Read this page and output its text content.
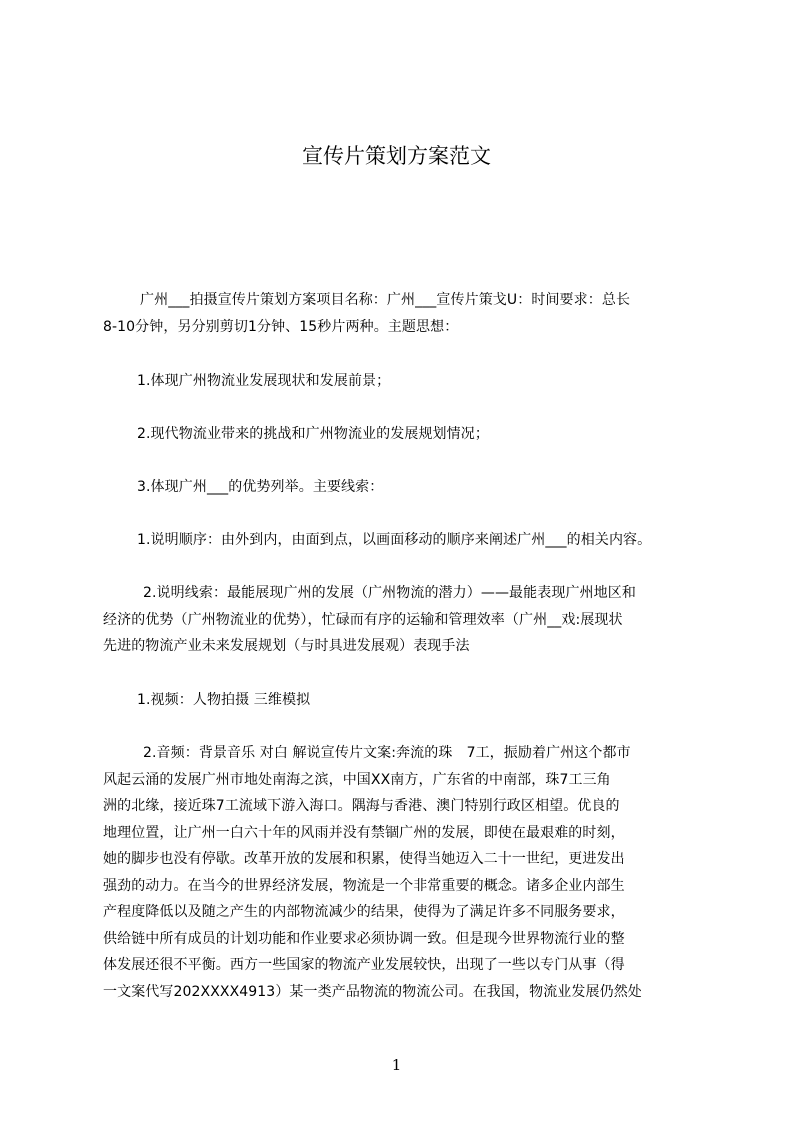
宣传片策划方案范文
广州___拍摄宣传片策划方案项目名称：广州___宣传片策戈U：时间要求：总长
8-10分钟，另分别剪切1分钟、15秒片两种。主题思想：
1.体现广州物流业发展现状和发展前景；
2.现代物流业带来的挑战和广州物流业的发展规划情况；
3.体现广州___的优势列举。主要线索：
1.说明顺序：由外到内，由面到点，以画面移动的顺序来阐述广州___的相关内容。
2.说明线索：最能展现广州的发展（广州物流的潜力）——最能表现广州地区和
经济的优势（广州物流业的优势），忙碌而有序的运输和管理效率（广州__戏:展现状
先进的物流产业未来发展规划（与时具进发展观）表现手法
1.视频：人物拍摄 三维模拟
2.音频：背景音乐 对白 解说宣传片文案:奔流的珠　7工，振励着广州这个都市
风起云涌的发展广州市地处南海之滨，中国XX南方，广东省的中南部，珠7工三角
洲的北缘，接近珠7工流域下游入海口。隅海与香港、澳门特别行政区相望。优良的
地理位置，让广州一白六十年的风雨并没有禁锢广州的发展，即使在最艰难的时刻，
她的脚步也没有停歇。改革开放的发展和积累，使得当她迈入二十一世纪，更进发出
强劲的动力。在当今的世界经济发展，物流是一个非常重要的概念。诸多企业内部生
产程度降低以及随之产生的内部物流减少的结果，使得为了满足许多不同服务要求，
供给链中所有成员的计划功能和作业要求必须协调一致。但是现今世界物流行业的整
体发展还很不平衡。西方一些国家的物流产业发展较快，出现了一些以专门从事（得
一文案代写202XXXX4913）某一类产品物流的物流公司。在我国，物流业发展仍然处
1
